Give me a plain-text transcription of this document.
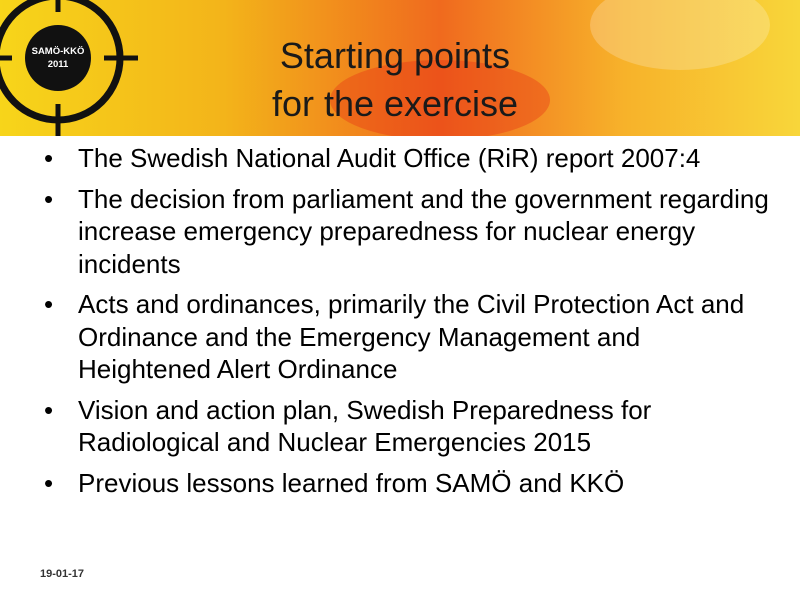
SAMÖ-KKÖ
2011	Starting points
for the exercise
• The Swedish National Audit Office (RiR) report 2007:4
• The decision from parliament and the government regarding increase emergency preparedness for nuclear energy incidents
• Acts and ordinances, primarily the Civil Protection Act and Ordinance and the Emergency Management and Heightened Alert Ordinance
• Vision and action plan, Swedish Preparedness for Radiological and Nuclear Emergencies 2015
• Previous lessons learned from SAMÖ and KKÖ
19-01-17
